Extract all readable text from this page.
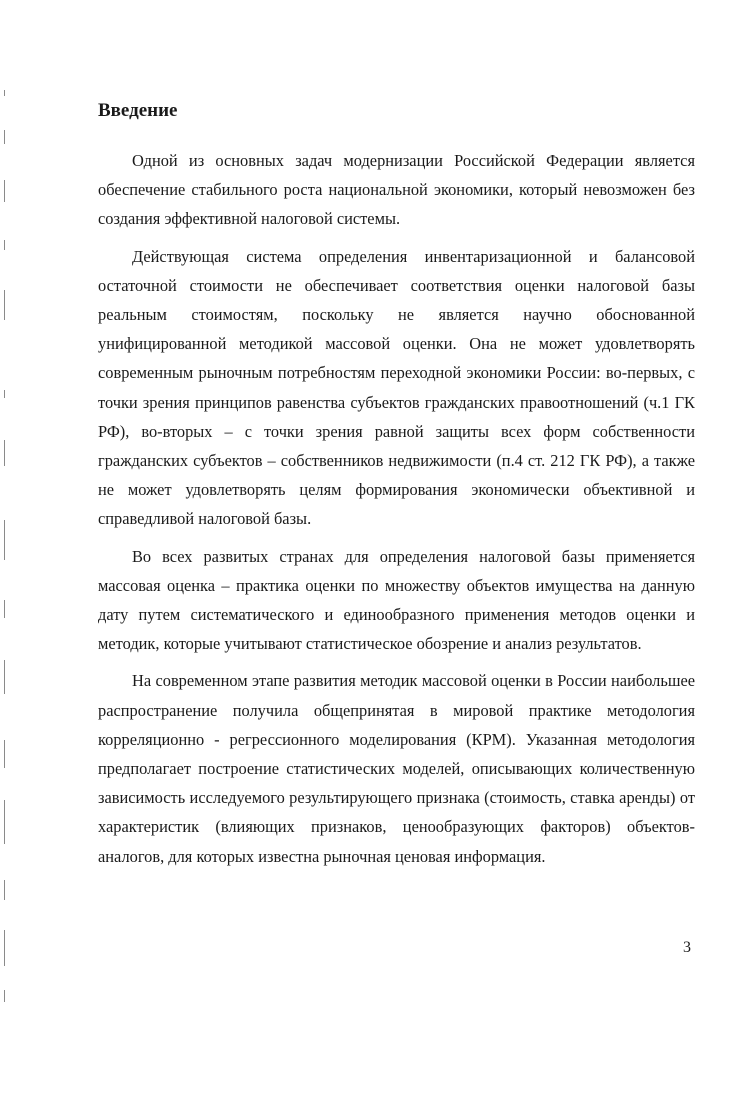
Введение

Одной из основных задач модернизации Российской Федерации является обеспечение стабильного роста национальной экономики, который невозможен без создания эффективной налоговой системы.

Действующая система определения инвентаризационной и балансовой остаточной стоимости не обеспечивает соответствия оценки налоговой базы реальным стоимостям, поскольку не является научно обоснованной унифицированной методикой массовой оценки. Она не может удовлетворять современным рыночным потребностям переходной экономики России: во-первых, с точки зрения принципов равенства субъектов гражданских правоотношений (ч.1 ГК РФ), во-вторых – с точки зрения равной защиты всех форм собственности гражданских субъектов – собственников недвижимости (п.4 ст. 212 ГК РФ), а также не может удовлетворять целям формирования экономически объективной и справедливой налоговой базы.

Во всех развитых странах для определения налоговой базы применяется массовая оценка – практика оценки по множеству объектов имущества на данную дату путем систематического и единообразного применения методов оценки и методик, которые учитывают статистическое обозрение и анализ результатов.

На современном этапе развития методик массовой оценки в России наибольшее распространение получила общепринятая в мировой практике методология корреляционно - регрессионного моделирования (КРМ). Указанная методология предполагает построение статистических моделей, описывающих количественную зависимость исследуемого результирующего признака (стоимость, ставка аренды) от характеристик (влияющих признаков, ценообразующих факторов) объектов-аналогов, для которых известна рыночная ценовая информация.

3
